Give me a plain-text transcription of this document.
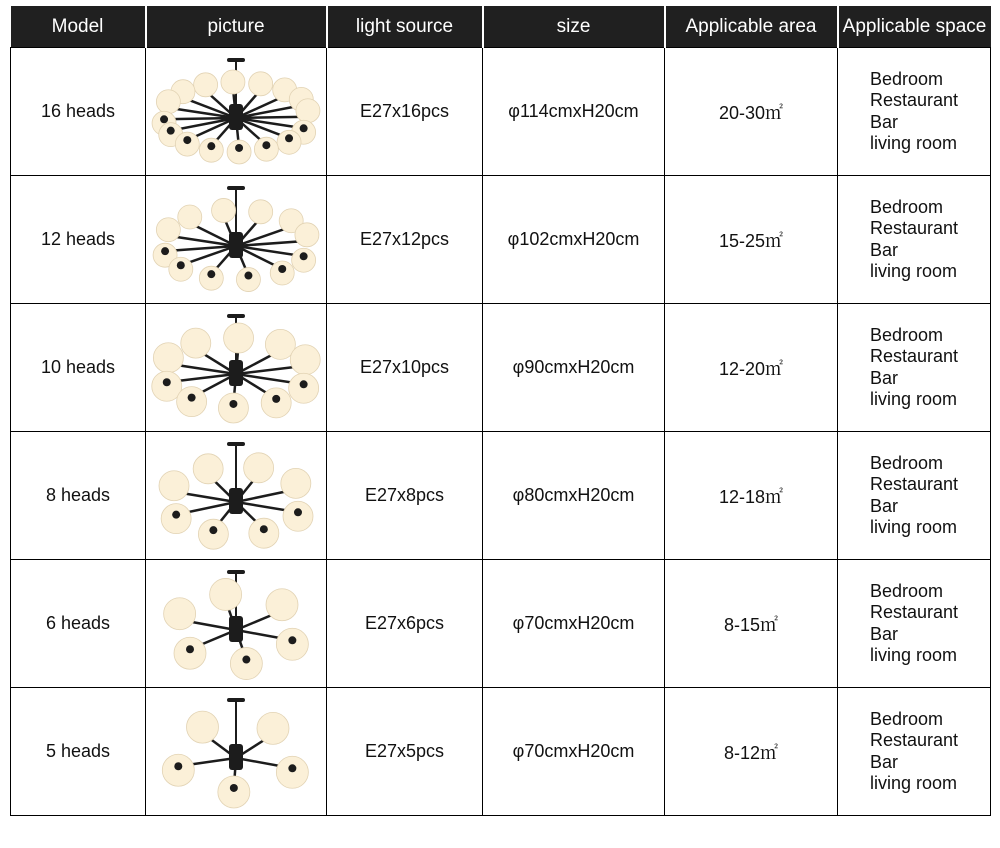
Model	picture	light source	size	Applicable area	Applicable space
16 heads		E27x16pcs	φ114cmxH20cm	20-30㎡	Bedroom
Restaurant
Bar
living room

12 heads		E27x12pcs	φ102cmxH20cm	15-25㎡	Bedroom
Restaurant
Bar
living room

10 heads		E27x10pcs	φ90cmxH20cm	12-20㎡	Bedroom
Restaurant
Bar
living room

8 heads		E27x8pcs	φ80cmxH20cm	12-18㎡	Bedroom
Restaurant
Bar
living room

6 heads		E27x6pcs	φ70cmxH20cm	8-15㎡	Bedroom
Restaurant
Bar
living room

5 heads		E27x5pcs	φ70cmxH20cm	8-12㎡	Bedroom
Restaurant
Bar
living room
